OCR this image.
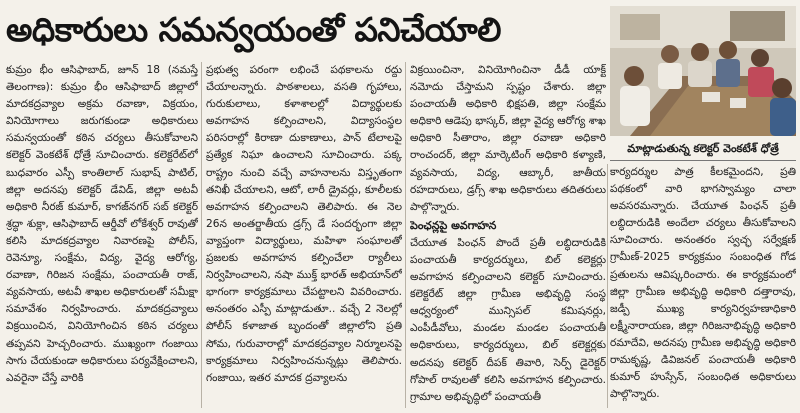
అధికారులు సమన్వయంతో పనిచేయాలి
మాట్లాడుతున్న కలెక్టర్‌ వెంకటేశ్‌ ధోత్రే

కుమ్రం భీం ఆసిఫాబాద్‌, జూన్‌ 18 (నమస్తే తెలంగాణ): కుమ్రం భీం ఆసిఫాబాద్‌ జిల్లాలో మాదకద్రవ్యాల అక్రమ రవాణా, విక్రయం, వినియోగాలు జరుగకుండా అధికారులు సమన్వయంతో కఠిన చర్యలు తీసుకోవాలని కలెక్టర్‌ వెంకటేశ్‌ ధోత్రే సూచించారు. కలెక్టరేట్‌లో బుధవారం ఎస్పీ కాంతిలాల్‌ సుభాష్‌ పాటిల్‌, జిల్లా అదనపు కలెక్టర్‌ డేవిడ్‌, జిల్లా అటవీ అధికారి నీరజ్‌ కుమార్‌, కాగజ్‌నగర్‌ సబ్‌ కలెక్టర్‌ శ్రద్ధా శుక్లా, ఆసిఫాబాద్‌ ఆర్డీవో లోకేశ్వర్‌ రావుతో కలిసి మాదకద్రవ్యాల నివారణపై పోలీస్‌, రెవెన్యూ, సంక్షేమ, విద్య, వైద్య ఆరోగ్య, రవాణా, గిరిజన సంక్షేమ, పంచాయతీ రాజ్‌, వ్యవసాయ, అటవీ శాఖల అధికారులతో సమీక్షా సమావేశం నిర్వహించారు. మాదకద్రవ్యాలు విక్రయించిన, వినియోగించిన కఠిన చర్యలు తప్పవని హెచ్చరించారు. ముఖ్యంగా గంజాయి సాగు చేయకుండా అధికారులు పర్యవేక్షించాలని, ఎవరైనా చేస్తే వారికి

ప్రభుత్వ పరంగా లభించే పథకాలను రద్దు చేయాలన్నారు. పాఠశాలలు, వసతి గృహాలు, గురుకులాలు, కళాశాలల్లో విద్యార్థులకు అవగాహన కల్పించాలని, విద్యాసంస్థల పరిసరాల్లో కిరాణా దుకాణాలు, పాన్‌ టేలాలపై ప్రత్యేక నిఘా ఉంచాలని సూచించారు. పక్క రాష్ట్రం నుంచి వచ్చే వాహనాలను విస్తృతంగా తనిఖీ చేయాలని, ఆటో, లారీ డ్రైవర్లు, కూలీలకు అవగాహన కల్పించాలని తెలిపారు. ఈ నెల 26న అంతర్జాతీయ డ్రగ్స్‌ డే సందర్భంగా జిల్లా వ్యాప్తంగా విద్యార్థులు, మహిళా సంఘాలతో ప్రజలకు అవగాహన కల్పించేలా ర్యాలీలు నిర్వహించాలని, నషా ముక్త్‌ భారత్‌ అభియాన్‌లో భాగంగా కార్యక్రమాలు చేపట్టాలని వివరించారు. అనంతరం ఎస్పీ మాట్లాడుతూ.. వచ్చే 2 నెలల్లో పోలీస్‌ కళాజాత బృందంతో జిల్లాలోని ప్రతి సోమ, గురువారాల్లో మాదకద్రవ్యాల నిర్మూలనపై కార్యక్రమాలు నిర్వహించనున్నట్లు తెలిపారు. గంజాయి, ఇతర మాదక ద్రవ్యాలను

విక్రయించినా, వినియోగించినా డీడీ యాక్ట్‌ నమోదు చేస్తామని స్పష్టం చేశారు. జిల్లా పంచాయతీ అధికారి భిక్షపతి, జిల్లా సంక్షేమ అధికారి ఆడెపు భాస్కర్‌, జిల్లా వైద్య ఆరోగ్య శాఖ అధికారి సీతారాం, జిల్లా రవాణా అధికారి రాంచందర్‌, జిల్లా మార్కెటింగ్‌ అధికారి కళ్యాణి, వ్యవసాయ, విద్య, ఆబ్కారీ, జాతీయ రహదారులు, డ్రగ్స్‌ శాఖ అధికారులు తదితరులు పాల్గొన్నారు.

పెంఛన్లపై అవగాహన

చేయూత పింఛన్‌ పొందే ప్రతీ లబ్ధిదారుడికి పంచాయతీ కార్యదర్శులు, బిల్‌ కలెక్టర్లు అవగాహన కల్పించాలని కలెక్టర్‌ సూచించారు. కలెక్టరేట్‌ జిల్లా గ్రామీణ అభివృద్ధి సంస్థ ఆధ్వర్యంలో మున్సిపల్‌ కమిషనర్లు, ఎంపీడీవోలు, మండల మండల పంచాయతీ అధికారులు, కార్యదర్శులు, బిల్‌ కలెక్టర్లకు అదనపు కలెక్టర్‌ దీపక్‌ తివారి, సెర్ప్‌ డైరెక్టర్‌ గోపాల్‌ రావులతో కలిసి అవగాహన కల్పించారు. గ్రామాల అభివృద్ధిలో పంచాయతీ

కార్యదర్శుల పాత్ర కీలకమైందని, ప్రతి పథకంలో వారి భాగస్వామ్యం చాలా అవసరమన్నారు. చేయూత పింఛన్‌ ప్రతీ లబ్ధిదారుడికి అందేలా చర్యలు తీసుకోవాలని సూచించారు. అనంతరం స్వచ్ఛ సర్వేక్షణ్‌ గ్రామీణ్‌-2025 కార్యక్రమం సంబంధిత గోడ ప్రతులను ఆవిష్కరించారు. ఈ కార్యక్రమంలో జిల్లా గ్రామీణ అభివృద్ధి అధికారి దత్తారావు, జడ్పీ ముఖ్య కార్యనిర్వహణాధికారి లక్ష్మీనారాయణ, జిల్లా గిరిజనాభివృద్ధి అధికారి రమాదేవి, అదనపు గ్రామీణ అభివృద్ధి అధికారి రామకృష్ణ, డివిజనల్‌ పంచాయతీ అధికారి కుమార్‌ హుస్సేన్‌, సంబంధిత అధికారులు పాల్గొన్నారు.
